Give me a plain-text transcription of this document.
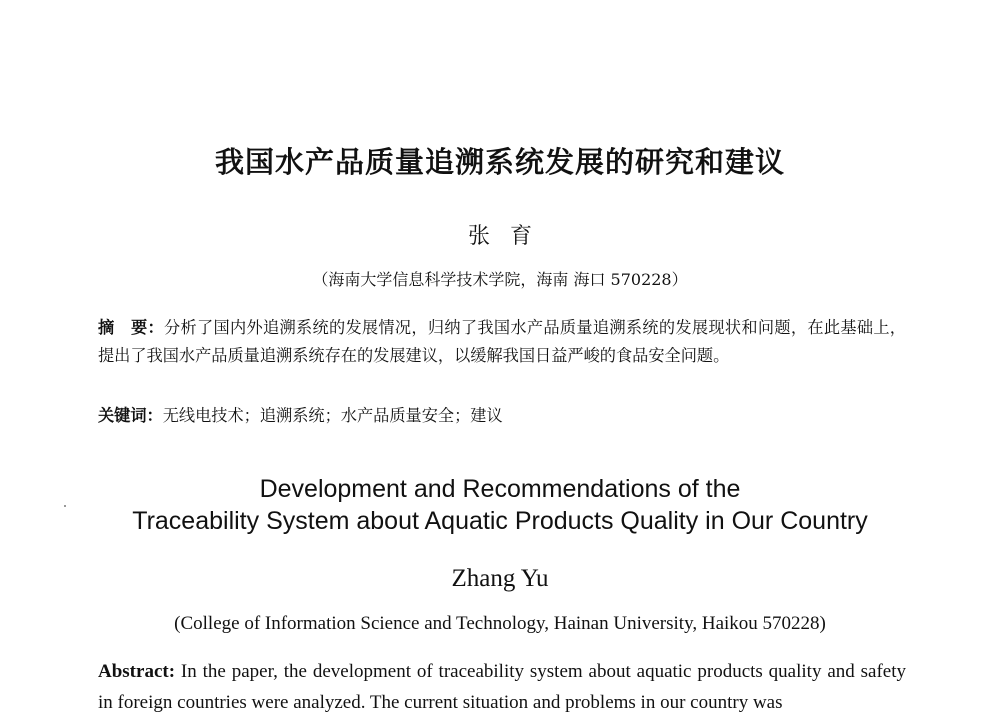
我国水产品质量追溯系统发展的研究和建议
张育
（海南大学信息科学技术学院，海南 海口 570228）
摘　要：分析了国内外追溯系统的发展情况，归纳了我国水产品质量追溯系统的发展现状和问题，在此基础上，提出了我国水产品质量追溯系统存在的发展建议，以缓解我国日益严峻的食品安全问题。
关键词：无线电技术；追溯系统；水产品质量安全；建议
Development and Recommendations of the
Traceability System about Aquatic Products Quality in Our Country
Zhang Yu
(College of Information Science and Technology, Hainan University, Haikou 570228)
Abstract: In the paper, the development of traceability system about aquatic products quality and safety in foreign countries were analyzed. The current situation and problems in our country was
